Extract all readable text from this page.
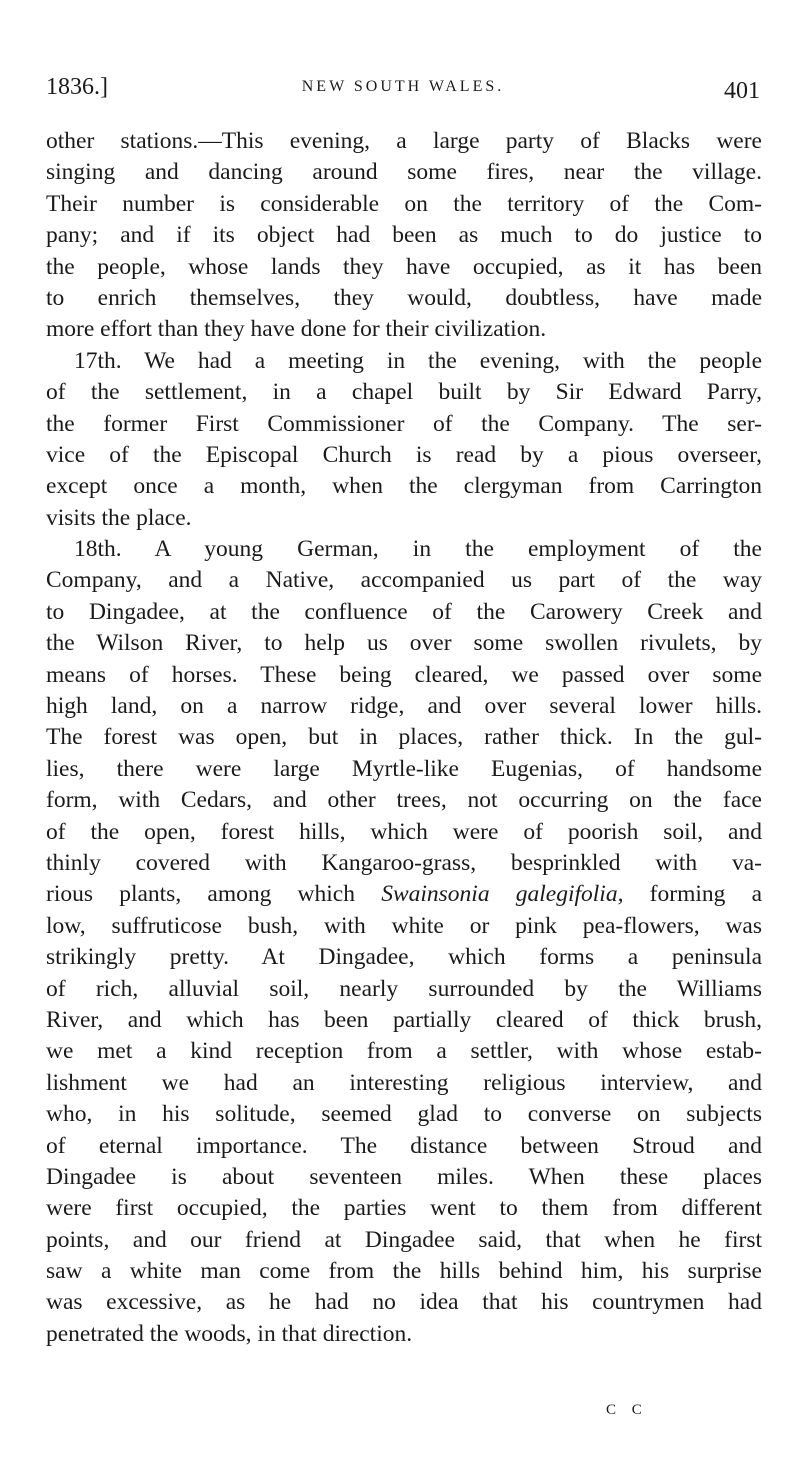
1836.]	NEW SOUTH WALES.	401
other stations.—This evening, a large party of Blacks were
singing and dancing around some fires, near the village.
Their number is considerable on the territory of the Com-
pany; and if its object had been as much to do justice to
the people, whose lands they have occupied, as it has been
to enrich themselves, they would, doubtless, have made
more effort than they have done for their civilization.
17th. We had a meeting in the evening, with the people
of the settlement, in a chapel built by Sir Edward Parry,
the former First Commissioner of the Company. The ser-
vice of the Episcopal Church is read by a pious overseer,
except once a month, when the clergyman from Carrington
visits the place.
18th. A young German, in the employment of the
Company, and a Native, accompanied us part of the way
to Dingadee, at the confluence of the Carowery Creek and
the Wilson River, to help us over some swollen rivulets, by
means of horses. These being cleared, we passed over some
high land, on a narrow ridge, and over several lower hills.
The forest was open, but in places, rather thick. In the gul-
lies, there were large Myrtle-like Eugenias, of handsome
form, with Cedars, and other trees, not occurring on the face
of the open, forest hills, which were of poorish soil, and
thinly covered with Kangaroo-grass, besprinkled with va-
rious plants, among which Swainsonia galegifolia, forming a
low, suffruticose bush, with white or pink pea-flowers, was
strikingly pretty. At Dingadee, which forms a peninsula
of rich, alluvial soil, nearly surrounded by the Williams
River, and which has been partially cleared of thick brush,
we met a kind reception from a settler, with whose estab-
lishment we had an interesting religious interview, and
who, in his solitude, seemed glad to converse on subjects
of eternal importance. The distance between Stroud and
Dingadee is about seventeen miles. When these places
were first occupied, the parties went to them from different
points, and our friend at Dingadee said, that when he first
saw a white man come from the hills behind him, his surprise
was excessive, as he had no idea that his countrymen had
penetrated the woods, in that direction.
C C
